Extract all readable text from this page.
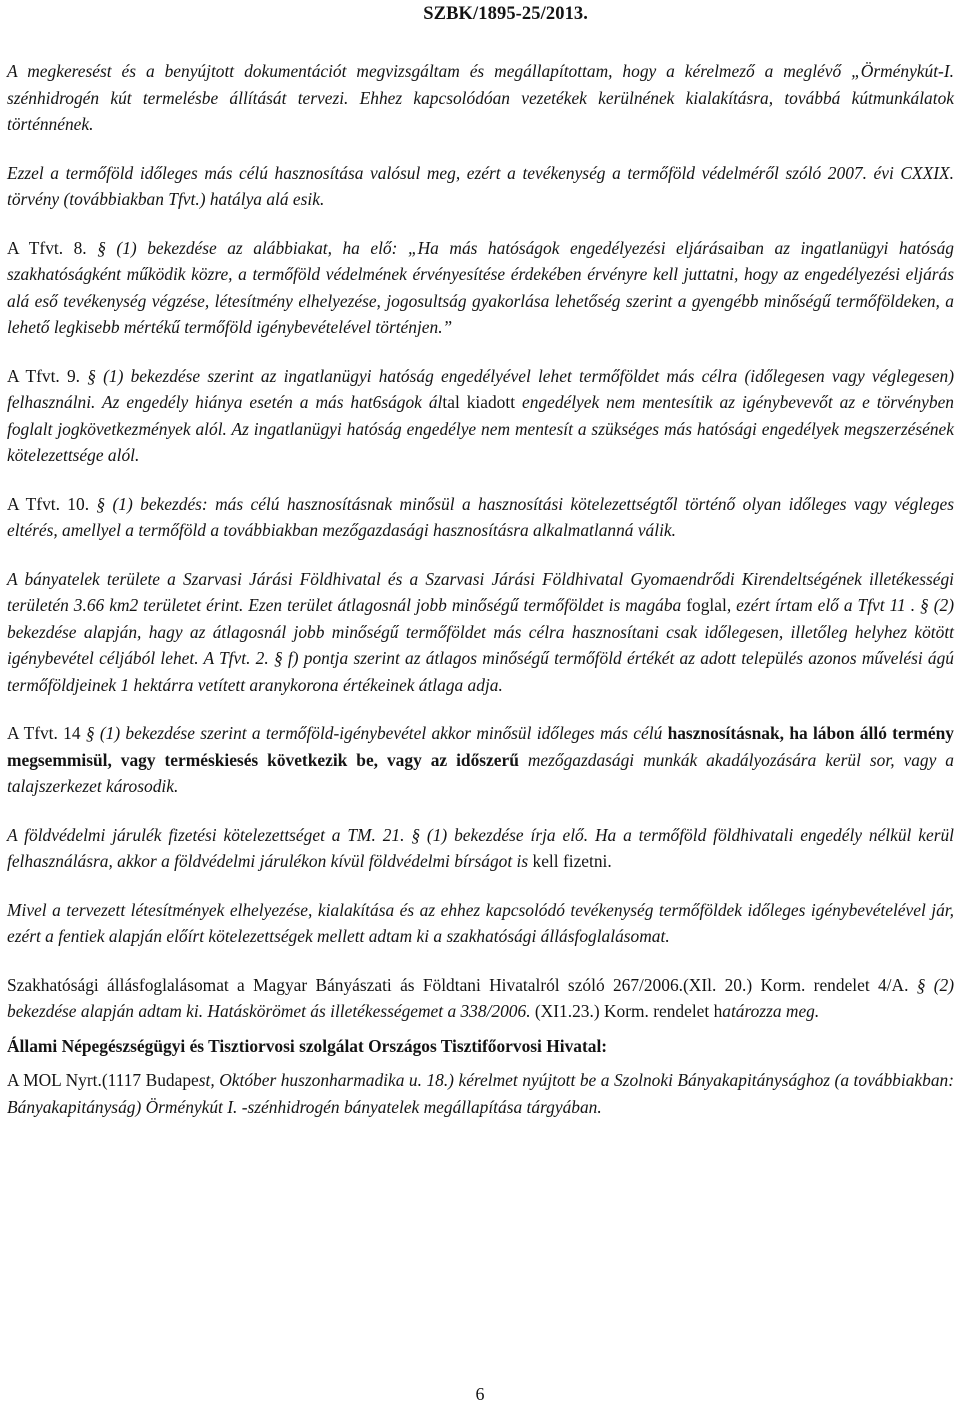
SZBK/1895-25/2013.

A megkeresést és a benyújtott dokumentációt megvizsgáltam és megállapítottam, hogy a kérelmező a meglévő „Örménykút-I. szénhidrogén kút termelésbe állítását tervezi. Ehhez kapcsolódóan vezetékek kerülnének kialakításra, továbbá kútmunkálatok történnének.

Ezzel a termőföld időleges más célú hasznosítása valósul meg, ezért a tevékenység a termőföld védelméről szóló 2007. évi CXXIX. törvény (továbbiakban Tfvt.) hatálya alá esik.

A Tfvt. 8. § (1) bekezdése az alábbiakat, ha elő: „Ha más hatóságok engedélyezési eljárásaiban az ingatlanügyi hatóság szakhatóságként működik közre, a termőföld védelmének érvényesítése érdekében érvényre kell juttatni, hogy az engedélyezési eljárás alá eső tevékenység végzése, létesítmény elhelyezése, jogosultság gyakorlása lehetőség szerint a gyengébb minőségű termőföldeken, a lehető legkisebb mértékű termőföld igénybevételével történjen.”

A Tfvt. 9. § (1) bekezdése szerint az ingatlanügyi hatóság engedélyével lehet termőföldet más célra (időlegesen vagy véglegesen) felhasználni. Az engedély hiánya esetén a más hat6ságok által kiadott engedélyek nem mentesítik az igénybevevőt az e törvényben foglalt jogkövetkezmények alól. Az ingatlanügyi hatóság engedélye nem mentesít a szükséges más hatósági engedélyek megszerzésének kötelezettsége alól.

A Tfvt. 10. § (1) bekezdés: más célú hasznosításnak minősül a hasznosítási kötelezettségtől történő olyan időleges vagy végleges eltérés, amellyel a termőföld a továbbiakban mezőgazdasági hasznosításra alkalmatlanná válik.

A bányatelek területe a Szarvasi Járási Földhivatal és a Szarvasi Járási Földhivatal Gyomaendrődi Kirendeltségének illetékességi területén 3.66 km2 területet érint. Ezen terület átlagosnál jobb minőségű termőföldet is magába foglal, ezért írtam elő a Tfvt 11 . § (2) bekezdése alapján, hagy az átlagosnál jobb minőségű termőföldet más célra hasznosítani csak időlegesen, illetőleg helyhez kötött igénybevétel céljából lehet. A Tfvt. 2. § f) pontja szerint az átlagos minőségű termőföld értékét az adott település azonos művelési ágú termőföldjeinek 1 hektárra vetített aranykorona értékeinek átlaga adja.

A Tfvt. 14 § (1) bekezdése szerint a termőföld-igénybevétel akkor minősül időleges más célú hasznosításnak, ha lábon álló termény megsemmisül, vagy terméskiesés következik be, vagy az időszerű mezőgazdasági munkák akadályozására kerül sor, vagy a talajszerkezet károsodik.

A földvédelmi járulék fizetési kötelezettséget a TM. 21. § (1) bekezdése írja elő. Ha a termőföld földhivatali engedély nélkül kerül felhasználásra, akkor a földvédelmi járulékon kívül földvédelmi bírságot is kell fizetni.

Mivel a tervezett létesítmények elhelyezése, kialakítása és az ehhez kapcsolódó tevékenység termőföldek időleges igénybevételével jár, ezért a fentiek alapján előírt kötelezettségek mellett adtam ki a szakhatósági állásfoglalásomat.

Szakhatósági állásfoglalásomat a Magyar Bányászati ás Földtani Hivatalról szóló 267/2006.(XIl. 20.) Korm. rendelet 4/A. § (2) bekezdése alapján adtam ki. Hatáskörömet ás illetékességemet a 338/2006. (XI1.23.) Korm. rendelet határozza meg.

Állami Népegészségügyi és Tisztiorvosi szolgálat Országos Tisztifőorvosi Hivatal:

A MOL Nyrt.(1117 Budapest, Október huszonharmadika u. 18.) kérelmet nyújtott be a Szolnoki Bányakapitánysághoz (a továbbiakban: Bányakapitányság) Örménykút I. -szénhidrogén bányatelek megállapítása tárgyában.

6
